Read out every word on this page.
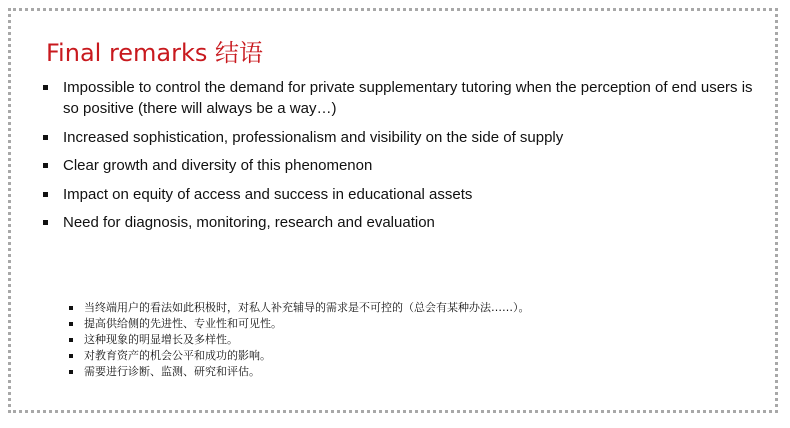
Final remarks 结语
Impossible to control the demand for private supplementary tutoring when the perception of end users is so positive (there will always be a way…)
Increased sophistication, professionalism and visibility on the side of supply
Clear growth and diversity of this phenomenon
Impact on equity of access and success in educational assets
Need for diagnosis, monitoring, research and evaluation
当终端用户的看法如此积极时，对私人补充辅导的需求是不可控的（总会有某种办法……）。
提高供给侧的先进性、专业性和可见性。
这种现象的明显增长及多样性。
对教育资产的机会公平和成功的影响。
需要进行诊断、监测、研究和评估。
